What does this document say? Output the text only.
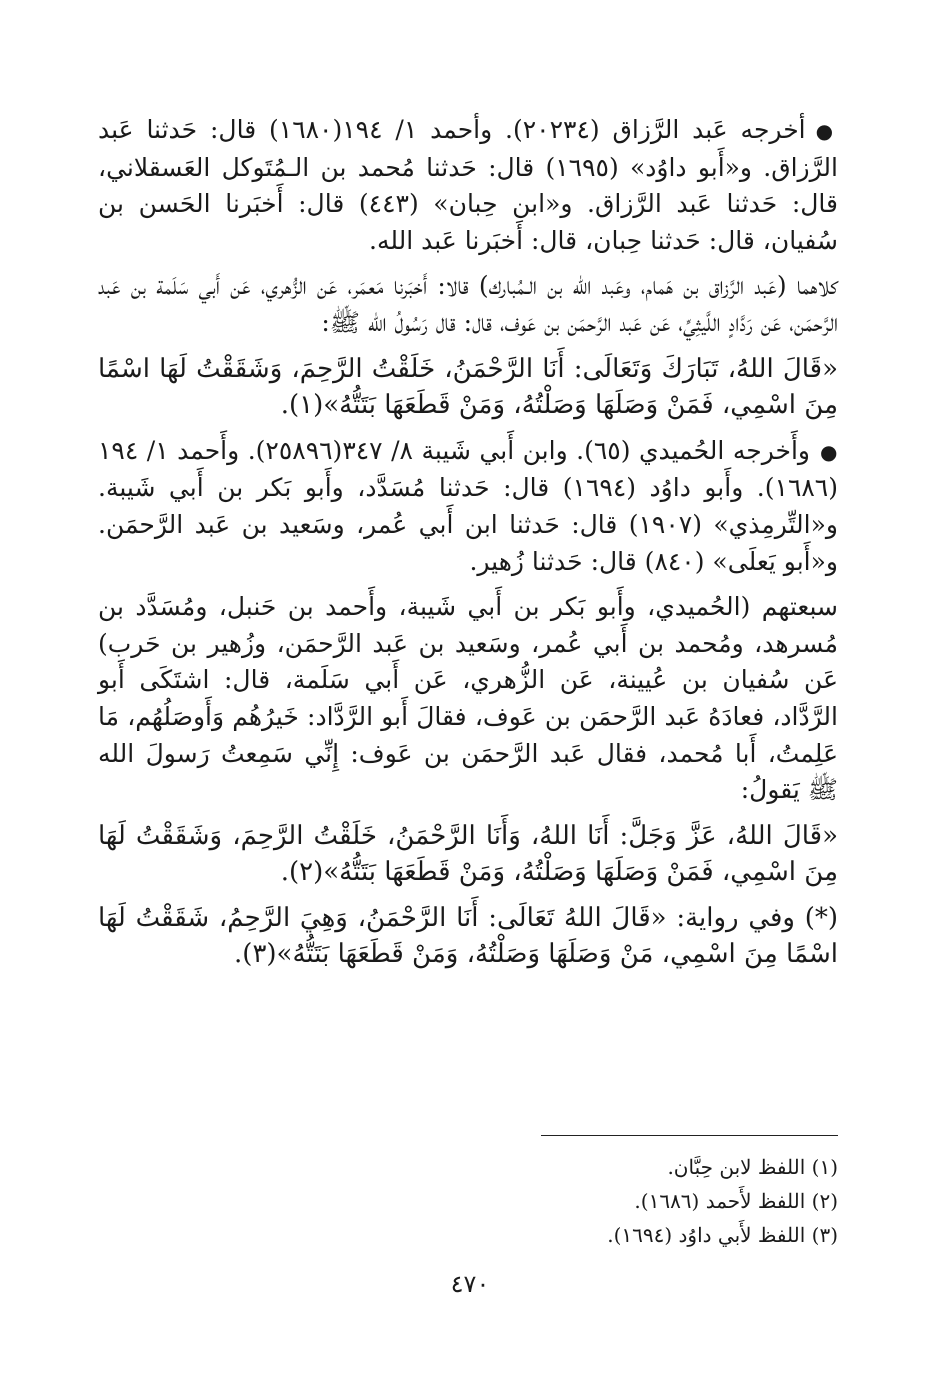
●أخرجه عَبد الرَّزاق (٢٠٢٣٤). وأحمد ١/ ١٩٤(١٦٨٠) قال: حَدثنا عَبد الرَّزاق. و«أَبو داوُد» (١٦٩٥) قال: حَدثنا مُحمد بن الـمُتَوكل العَسقلاني، قال: حَدثنا عَبد الرَّزاق. و«ابن حِبان» (٤٤٣) قال: أَخبَرنا الحَسن بن سُفيان، قال: حَدثنا حِبان، قال: أَخبَرنا عَبد الله.

كلاهما (عَبد الرَّزاق بن هَمام، وعَبد الله بن الـمُبارك) قالا: أَخبَرنا مَعمَر، عَن الزُّهري، عَن أَبي سَلَمة بن عَبد الرَّحمَن، عَن رَدَّادٍ اللَّيثِيِّ، عَن عَبد الرَّحمَن بن عَوف، قال: قال رَسُولُ الله ﷺ:

«قَالَ اللهُ، تَبَارَكَ وَتَعَالَى: أَنَا الرَّحْمَنُ، خَلَقْتُ الرَّحِمَ، وَشَقَقْتُ لَهَا اسْمًا مِنَ اسْمِي، فَمَنْ وَصَلَهَا وَصَلْتُهُ، وَمَنْ قَطَعَهَا بَتَتُّهُ»(١).

●وأَخرجه الحُميدي (٦٥). وابن أَبي شَيبة ٨/ ٣٤٧(٢٥٨٩٦). وأَحمد ١/ ١٩٤ (١٦٨٦). وأَبو داوُد (١٦٩٤) قال: حَدثنا مُسَدَّد، وأَبو بَكر بن أَبي شَيبة. و«التِّرمِذي» (١٩٠٧) قال: حَدثنا ابن أَبي عُمر، وسَعيد بن عَبد الرَّحمَن. و«أَبو يَعلَى» (٨٤٠) قال: حَدثنا زُهير.

سبعتهم (الحُميدي، وأَبو بَكر بن أَبي شَيبة، وأَحمد بن حَنبل، ومُسَدَّد بن مُسرهد، ومُحمد بن أَبي عُمر، وسَعيد بن عَبد الرَّحمَن، وزُهير بن حَرب) عَن سُفيان بن عُيينة، عَن الزُّهري، عَن أَبي سَلَمة، قال: اشتَكَى أَبو الرَّدَّاد، فعادَهُ عَبد الرَّحمَن بن عَوف، فقالَ أَبو الرَّدَّاد: خَيرُهُم وَأَوصَلُهُم، مَا عَلِمتُ، أَبا مُحمد، فقال عَبد الرَّحمَن بن عَوف: إِنِّي سَمِعتُ رَسولَ الله ﷺ يَقولُ:

«قَالَ اللهُ، عَزَّ وَجَلَّ: أَنَا اللهُ، وَأَنَا الرَّحْمَنُ، خَلَقْتُ الرَّحِمَ، وَشَقَقْتُ لَهَا مِنَ اسْمِي، فَمَنْ وَصَلَهَا وَصَلْتُهُ، وَمَنْ قَطَعَهَا بَتَتُّهُ»(٢).

(*) وفي رواية: «قَالَ اللهُ تَعَالَى: أَنَا الرَّحْمَنُ، وَهِيَ الرَّحِمُ، شَقَقْتُ لَهَا اسْمًا مِنَ اسْمِي، مَنْ وَصَلَهَا وَصَلْتُهُ، وَمَنْ قَطَعَهَا بَتَتُّهُ»(٣).

(١) اللفظ لابن حِبَّان.

(٢) اللفظ لأَحمد (١٦٨٦).

(٣) اللفظ لأَبي داوُد (١٦٩٤).

٤٧٠
